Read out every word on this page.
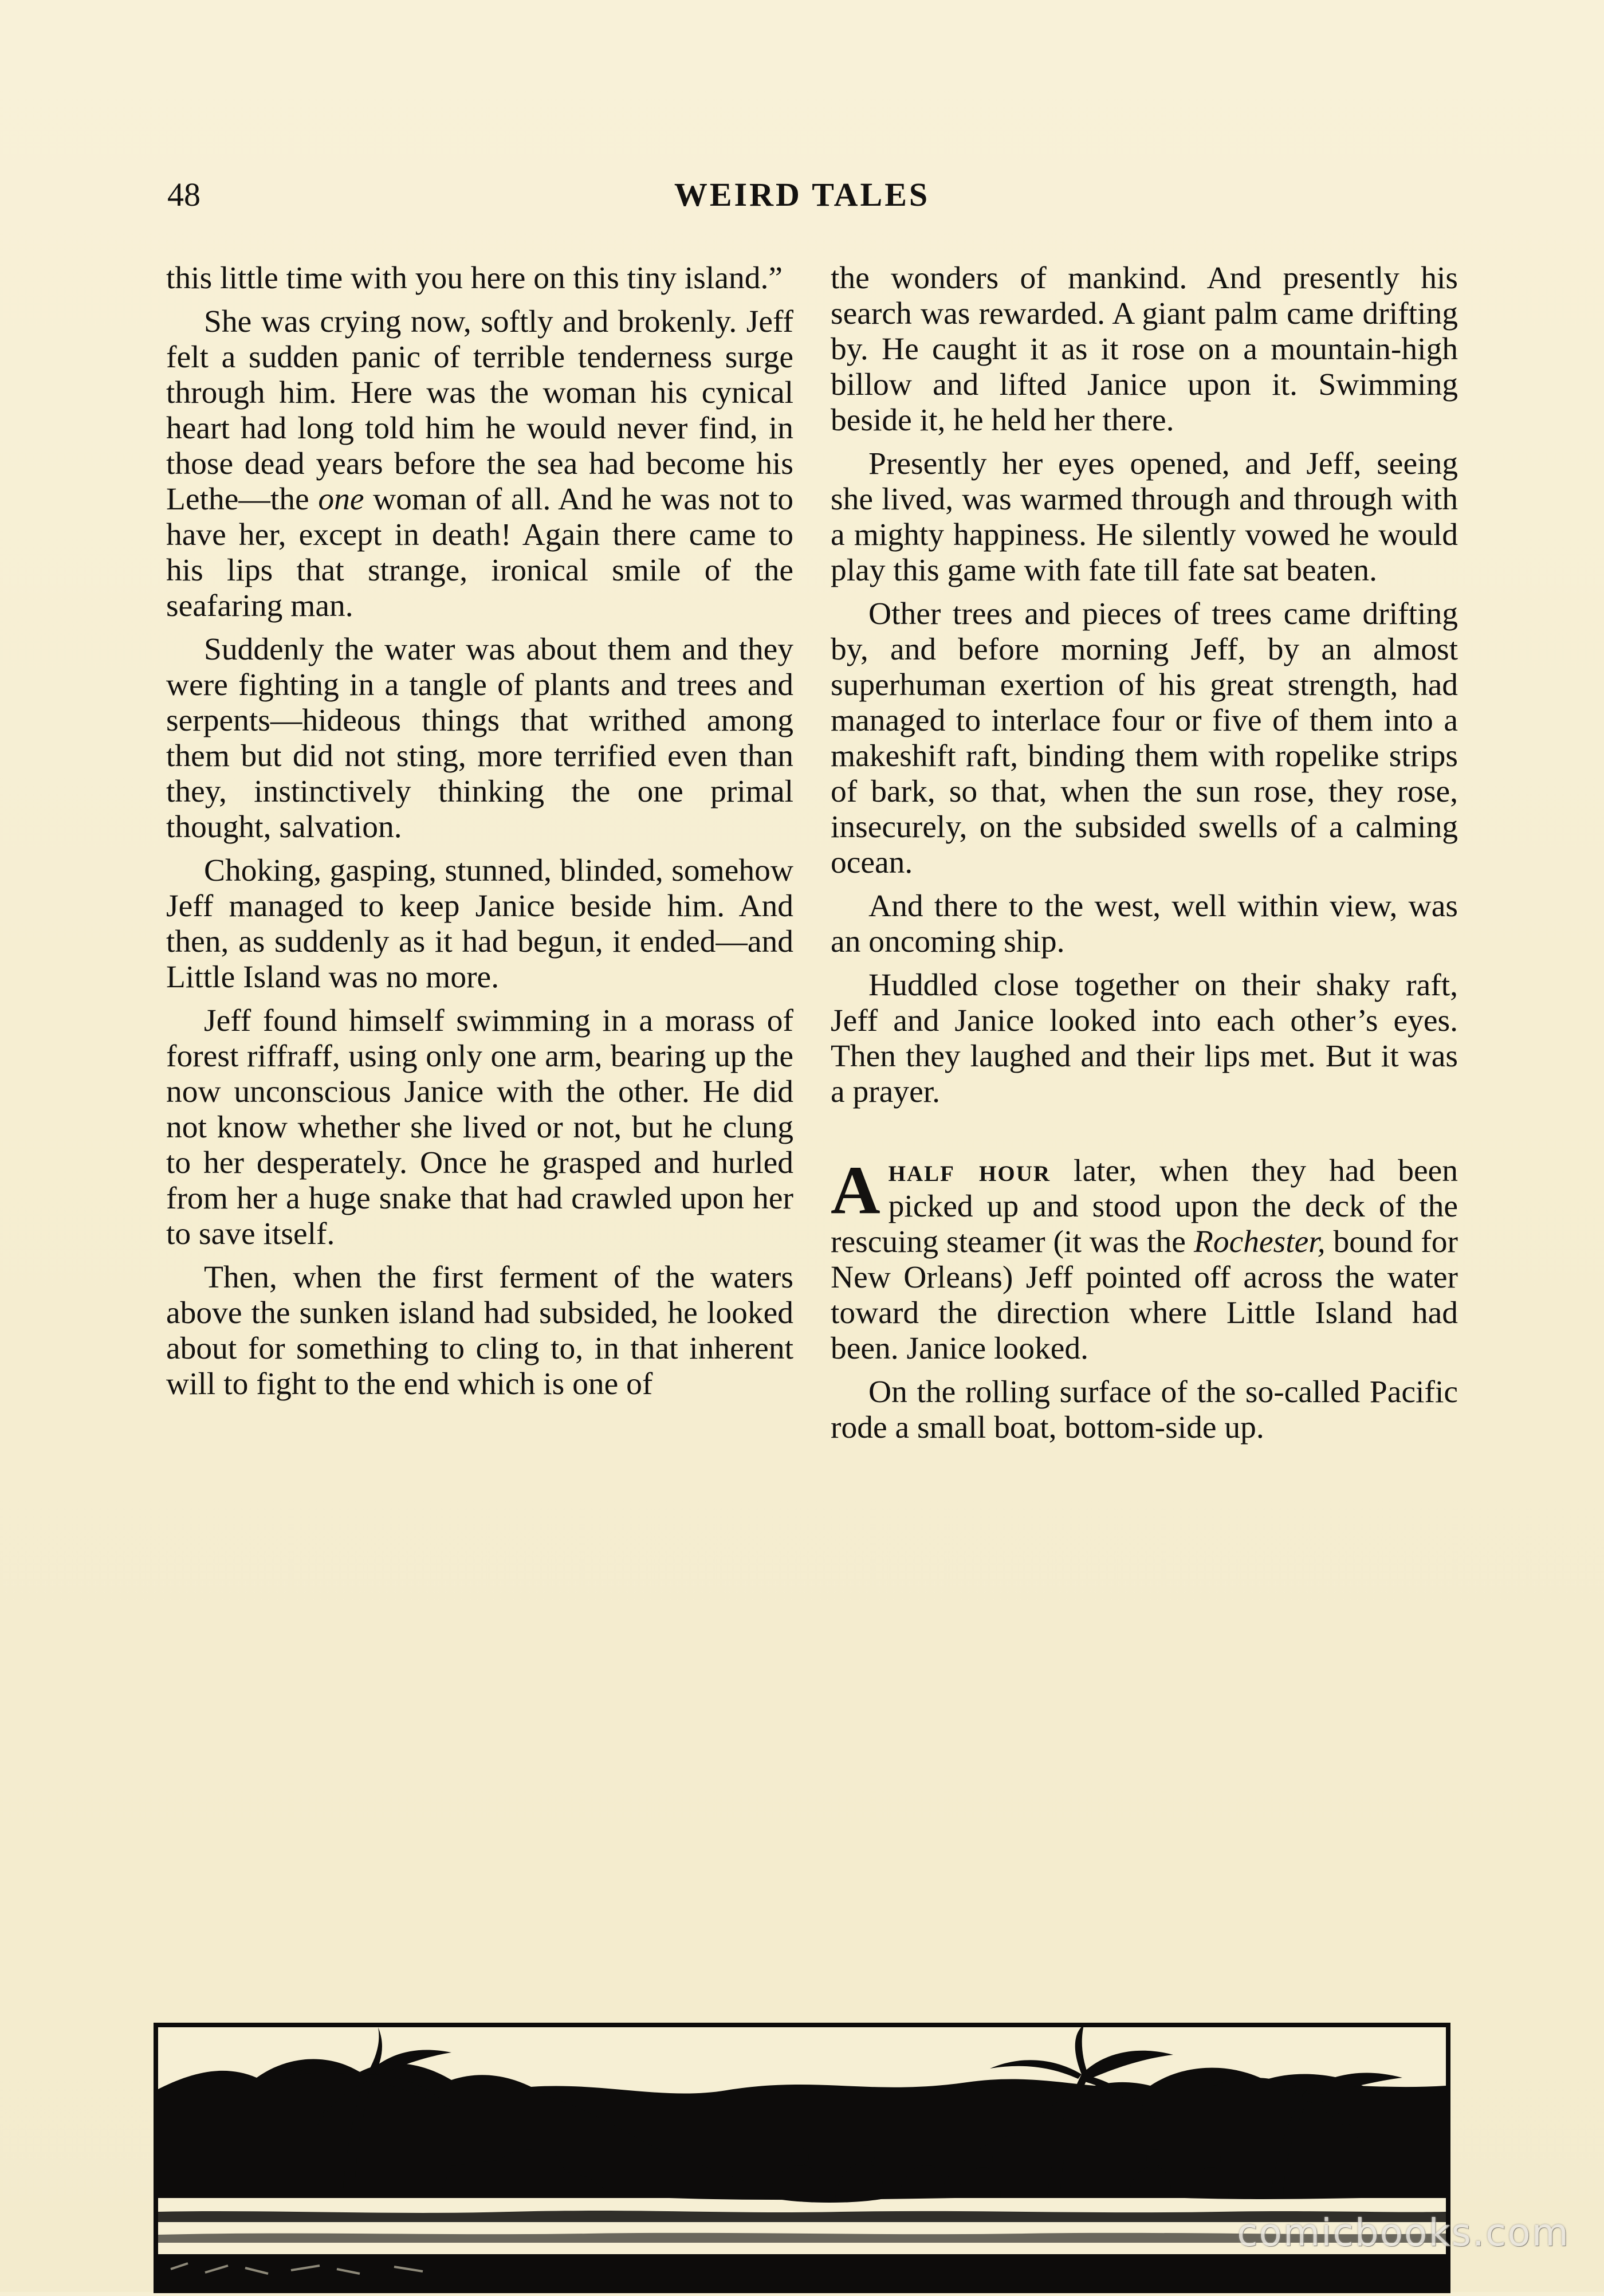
48	WEIRD TALES

this little time with you here on this tiny island.”

She was crying now, softly and brokenly. Jeff felt a sudden panic of terrible tenderness surge through him. Here was the woman his cynical heart had long told him he would never find, in those dead years before the sea had become his Lethe—the one woman of all. And he was not to have her, except in death! Again there came to his lips that strange, ironical smile of the seafaring man.

Suddenly the water was about them and they were fighting in a tangle of plants and trees and serpents—hideous things that writhed among them but did not sting, more terrified even than they, instinctively thinking the one primal thought, salvation.

Choking, gasping, stunned, blinded, somehow Jeff managed to keep Janice beside him. And then, as suddenly as it had begun, it ended—and Little Island was no more.

Jeff found himself swimming in a morass of forest riffraff, using only one arm, bearing up the now unconscious Janice with the other. He did not know whether she lived or not, but he clung to her desperately. Once he grasped and hurled from her a huge snake that had crawled upon her to save itself.

Then, when the first ferment of the waters above the sunken island had subsided, he looked about for something to cling to, in that inherent will to fight to the end which is one of

the wonders of mankind. And presently his search was rewarded. A giant palm came drifting by. He caught it as it rose on a mountain-high billow and lifted Janice upon it. Swimming beside it, he held her there.

Presently her eyes opened, and Jeff, seeing she lived, was warmed through and through with a mighty happiness. He silently vowed he would play this game with fate till fate sat beaten.

Other trees and pieces of trees came drifting by, and before morning Jeff, by an almost superhuman exertion of his great strength, had managed to interlace four or five of them into a makeshift raft, binding them with ropelike strips of bark, so that, when the sun rose, they rose, insecurely, on the subsided swells of a calming ocean.

And there to the west, well within view, was an oncoming ship.

Huddled close together on their shaky raft, Jeff and Janice looked into each other’s eyes. Then they laughed and their lips met. But it was a prayer.

Ahalf hour later, when they had been picked up and stood upon the deck of the rescuing steamer (it was the Rochester, bound for New Orleans) Jeff pointed off across the water toward the direction where Little Island had been. Janice looked.

On the rolling surface of the so-called Pacific rode a small boat, bottom-side up.

comicbooks.com
